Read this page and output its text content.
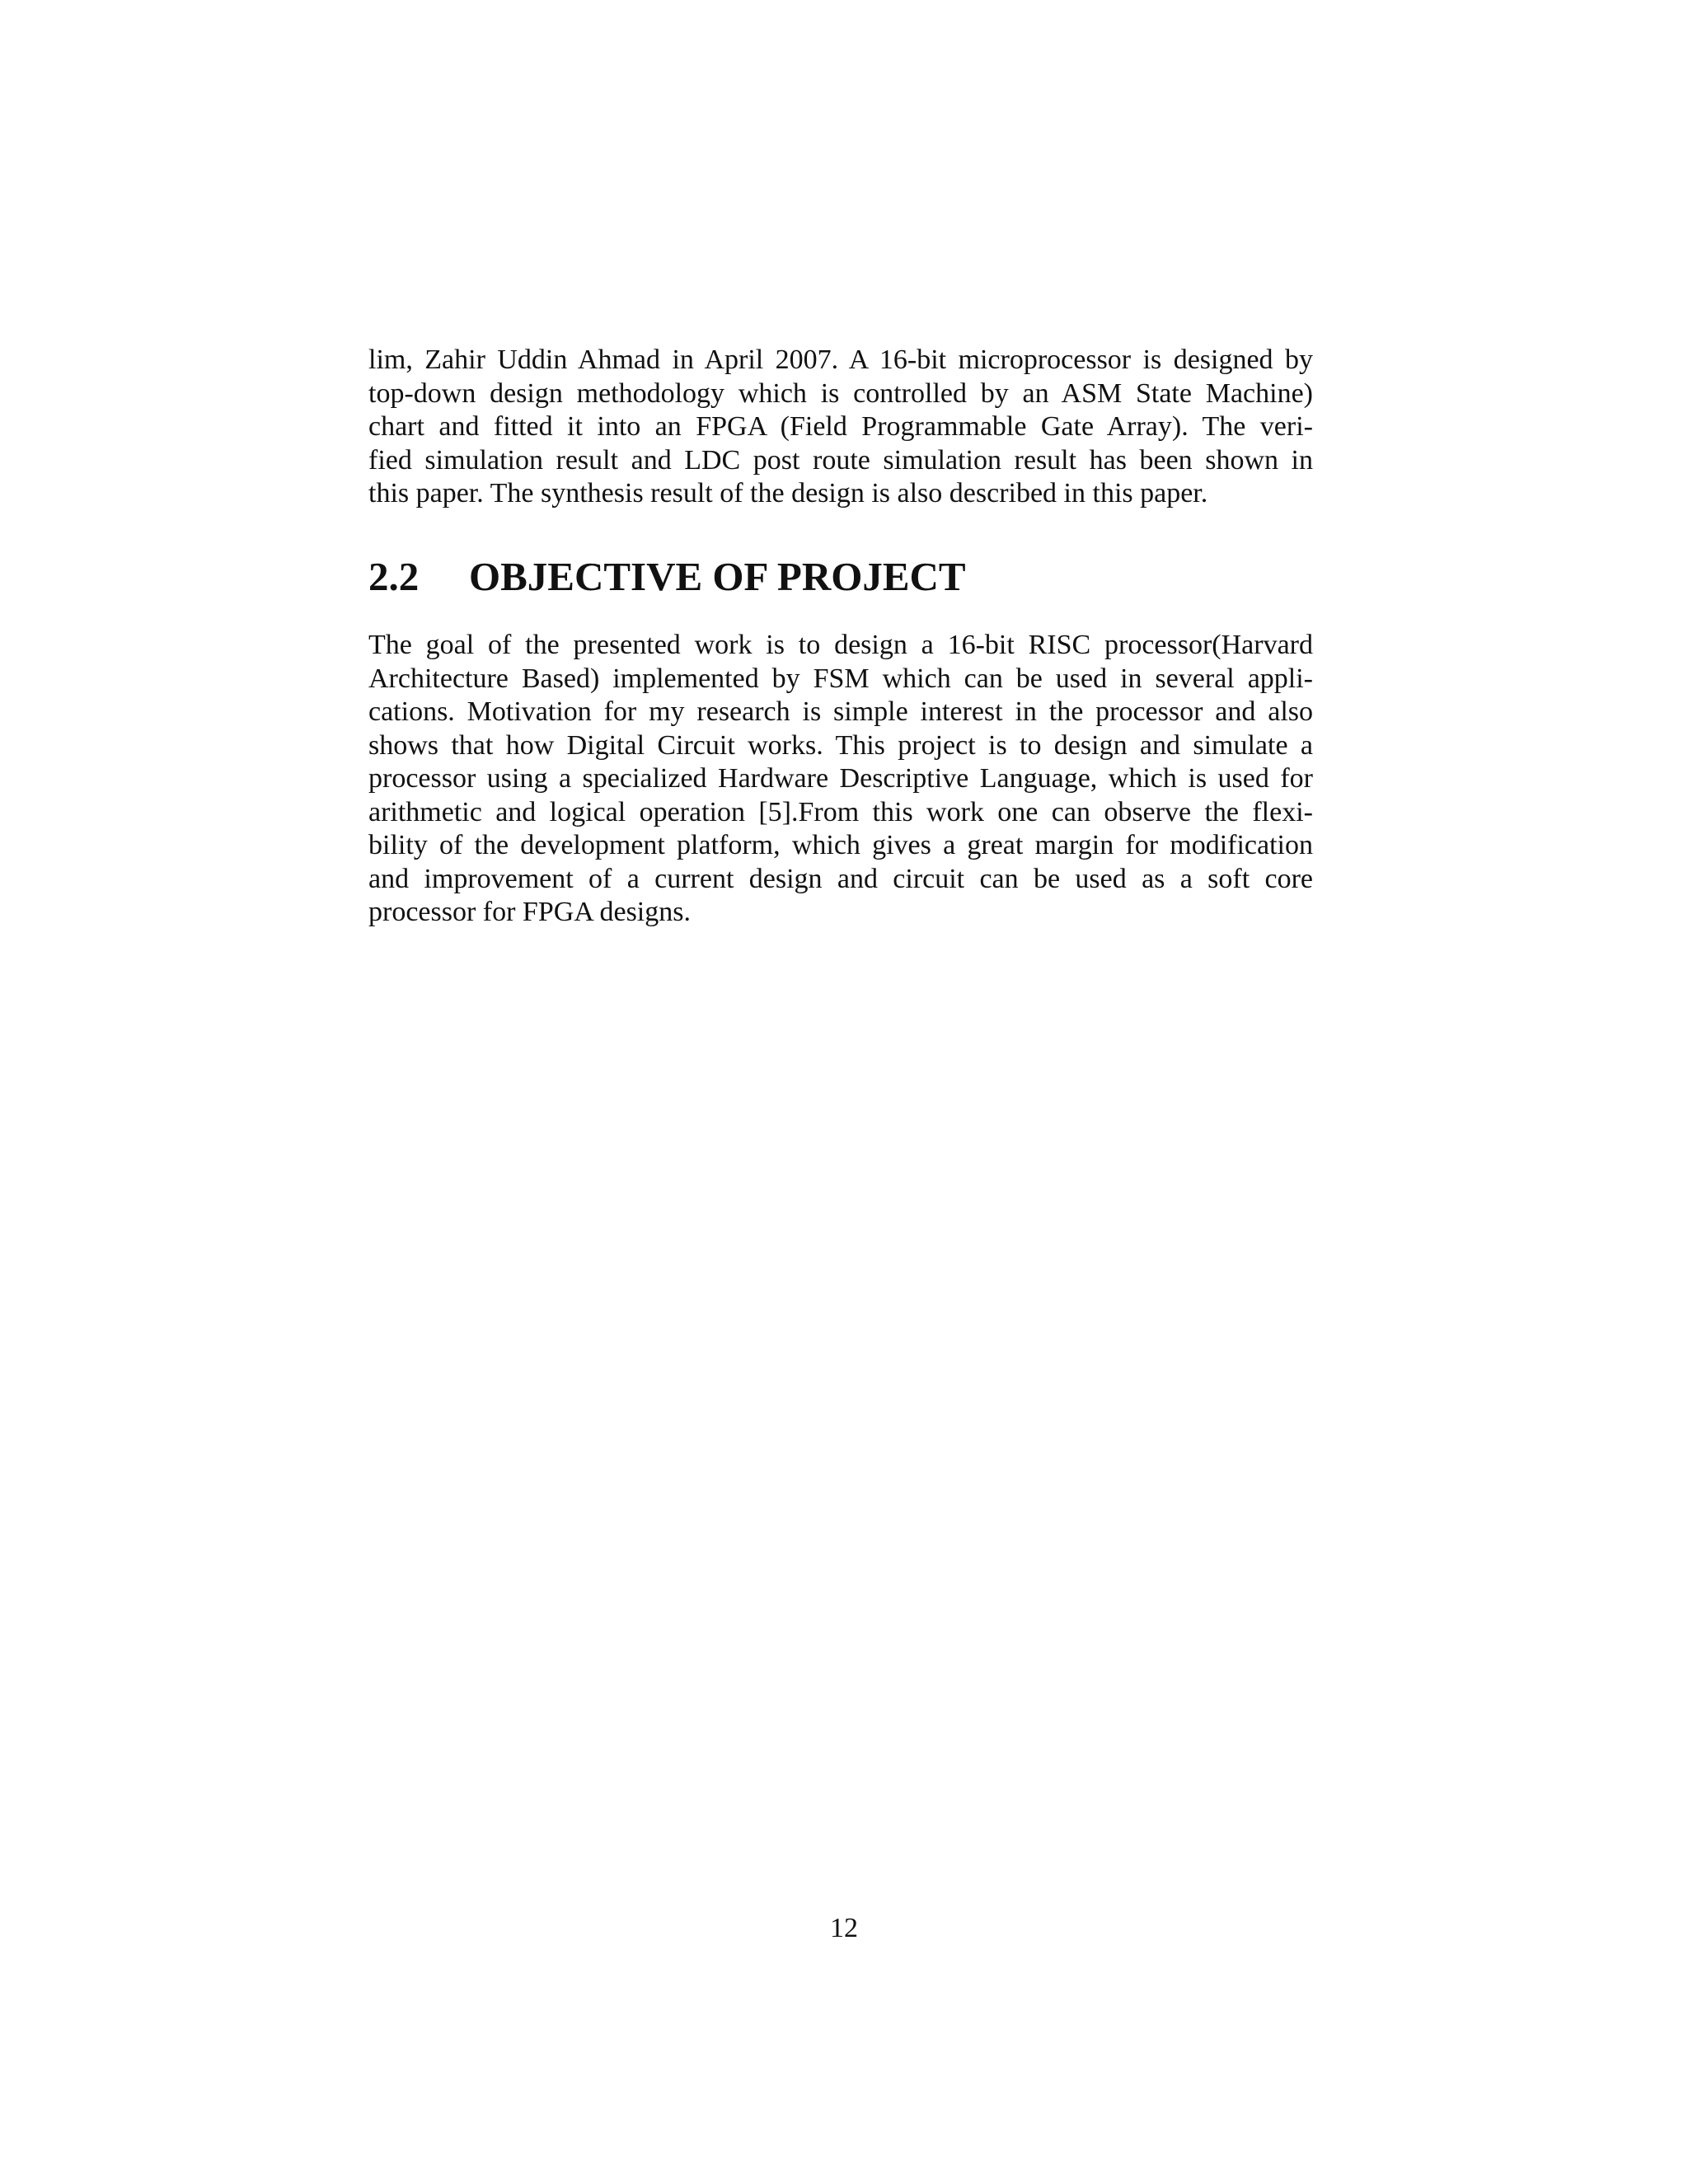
lim, Zahir Uddin Ahmad in April 2007. A 16-bit microprocessor is designed by
top-down design methodology which is controlled by an ASM State Machine)
chart and fitted it into an FPGA (Field Programmable Gate Array). The veri-
fied simulation result and LDC post route simulation result has been shown in
this paper. The synthesis result of the design is also described in this paper.

2.2 OBJECTIVE OF PROJECT

The goal of the presented work is to design a 16-bit RISC processor(Harvard
Architecture Based) implemented by FSM which can be used in several appli-
cations. Motivation for my research is simple interest in the processor and also
shows that how Digital Circuit works. This project is to design and simulate a
processor using a specialized Hardware Descriptive Language, which is used for
arithmetic and logical operation [5].From this work one can observe the flexi-
bility of the development platform, which gives a great margin for modification
and improvement of a current design and circuit can be used as a soft core
processor for FPGA designs.

12
